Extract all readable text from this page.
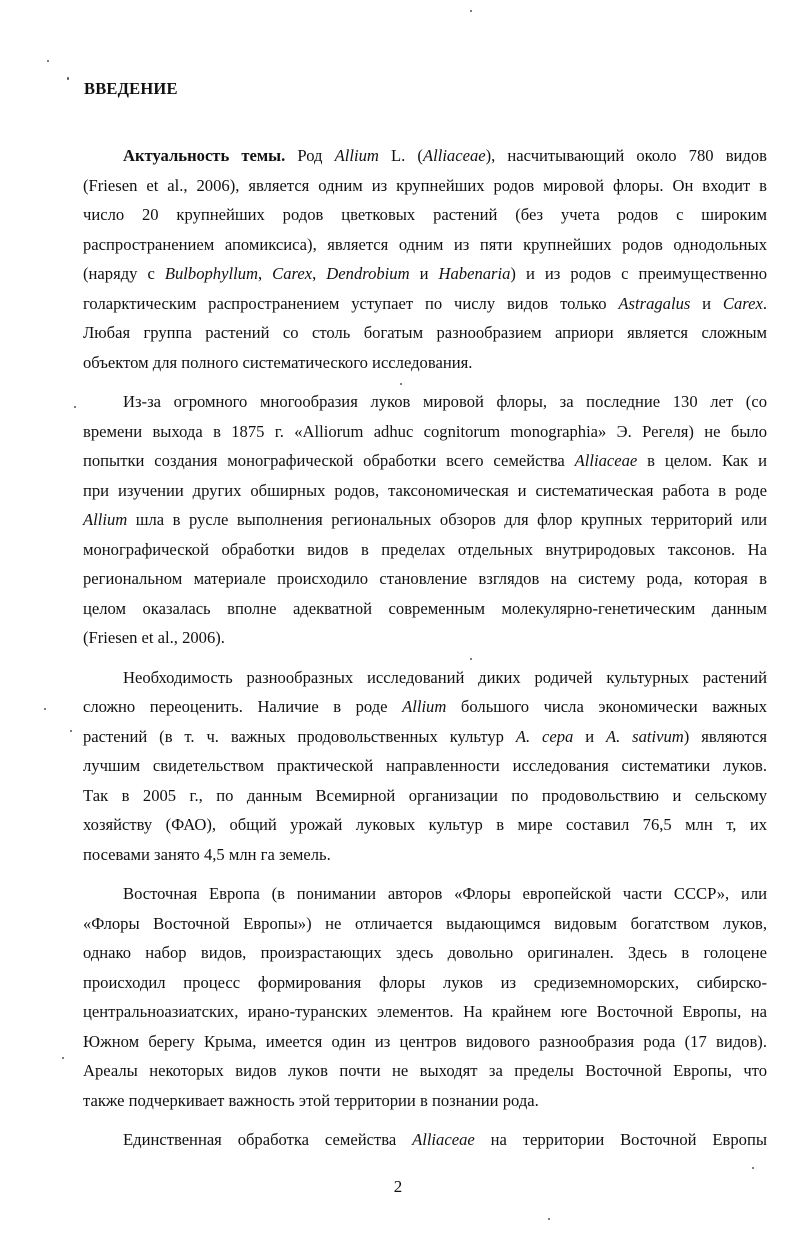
ВВЕДЕНИЕ
Актуальность темы. Род Allium L. (Alliaceae), насчитывающий около 780 видов
(Friesen et al., 2006), является одним из крупнейших родов мировой флоры. Он входит в
число 20 крупнейших родов цветковых растений (без учета родов с широким
распространением апомиксиса), является одним из пяти крупнейших родов однодольных
(наряду с Bulbophyllum, Carex, Dendrobium и Habenaria) и из родов с преимущественно
голарктическим распространением уступает по числу видов только Astragalus и Carex.
Любая группа растений со столь богатым разнообразием априори является сложным
объектом для полного систематического исследования.
Из-за огромного многообразия луков мировой флоры, за последние 130 лет (со
времени выхода в 1875 г. «Alliorum adhuc cognitorum monographia» Э. Регеля) не было
попытки создания монографической обработки всего семейства Alliaceae в целом. Как и
при изучении других обширных родов, таксономическая и систематическая работа в роде
Allium шла в русле выполнения региональных обзоров для флор крупных территорий или
монографической обработки видов в пределах отдельных внутриродовых таксонов. На
региональном материале происходило становление взглядов на систему рода, которая в
целом оказалась вполне адекватной современным молекулярно-генетическим данным
(Friesen et al., 2006).
Необходимость разнообразных исследований диких родичей культурных растений
сложно переоценить. Наличие в роде Allium большого числа экономически важных
растений (в т. ч. важных продовольственных культур A. cepa и A. sativum) являются
лучшим свидетельством практической направленности исследования систематики луков.
Так в 2005 г., по данным Всемирной организации по продовольствию и сельскому
хозяйству (ФАО), общий урожай луковых культур в мире составил 76,5 млн т, их
посевами занято 4,5 млн га земель.
Восточная Европа (в понимании авторов «Флоры европейской части СССР», или
«Флоры Восточной Европы») не отличается выдающимся видовым богатством луков,
однако набор видов, произрастающих здесь довольно оригинален. Здесь в голоцене
происходил процесс формирования флоры луков из средиземноморских, сибирско-
центральноазиатских, ирано-туранских элементов. На крайнем юге Восточной Европы, на
Южном берегу Крыма, имеется один из центров видового разнообразия рода (17 видов).
Ареалы некоторых видов луков почти не выходят за пределы Восточной Европы, что
также подчеркивает важность этой территории в познании рода.
Единственная обработка семейства Alliaceae на территории Восточной Европы
2
